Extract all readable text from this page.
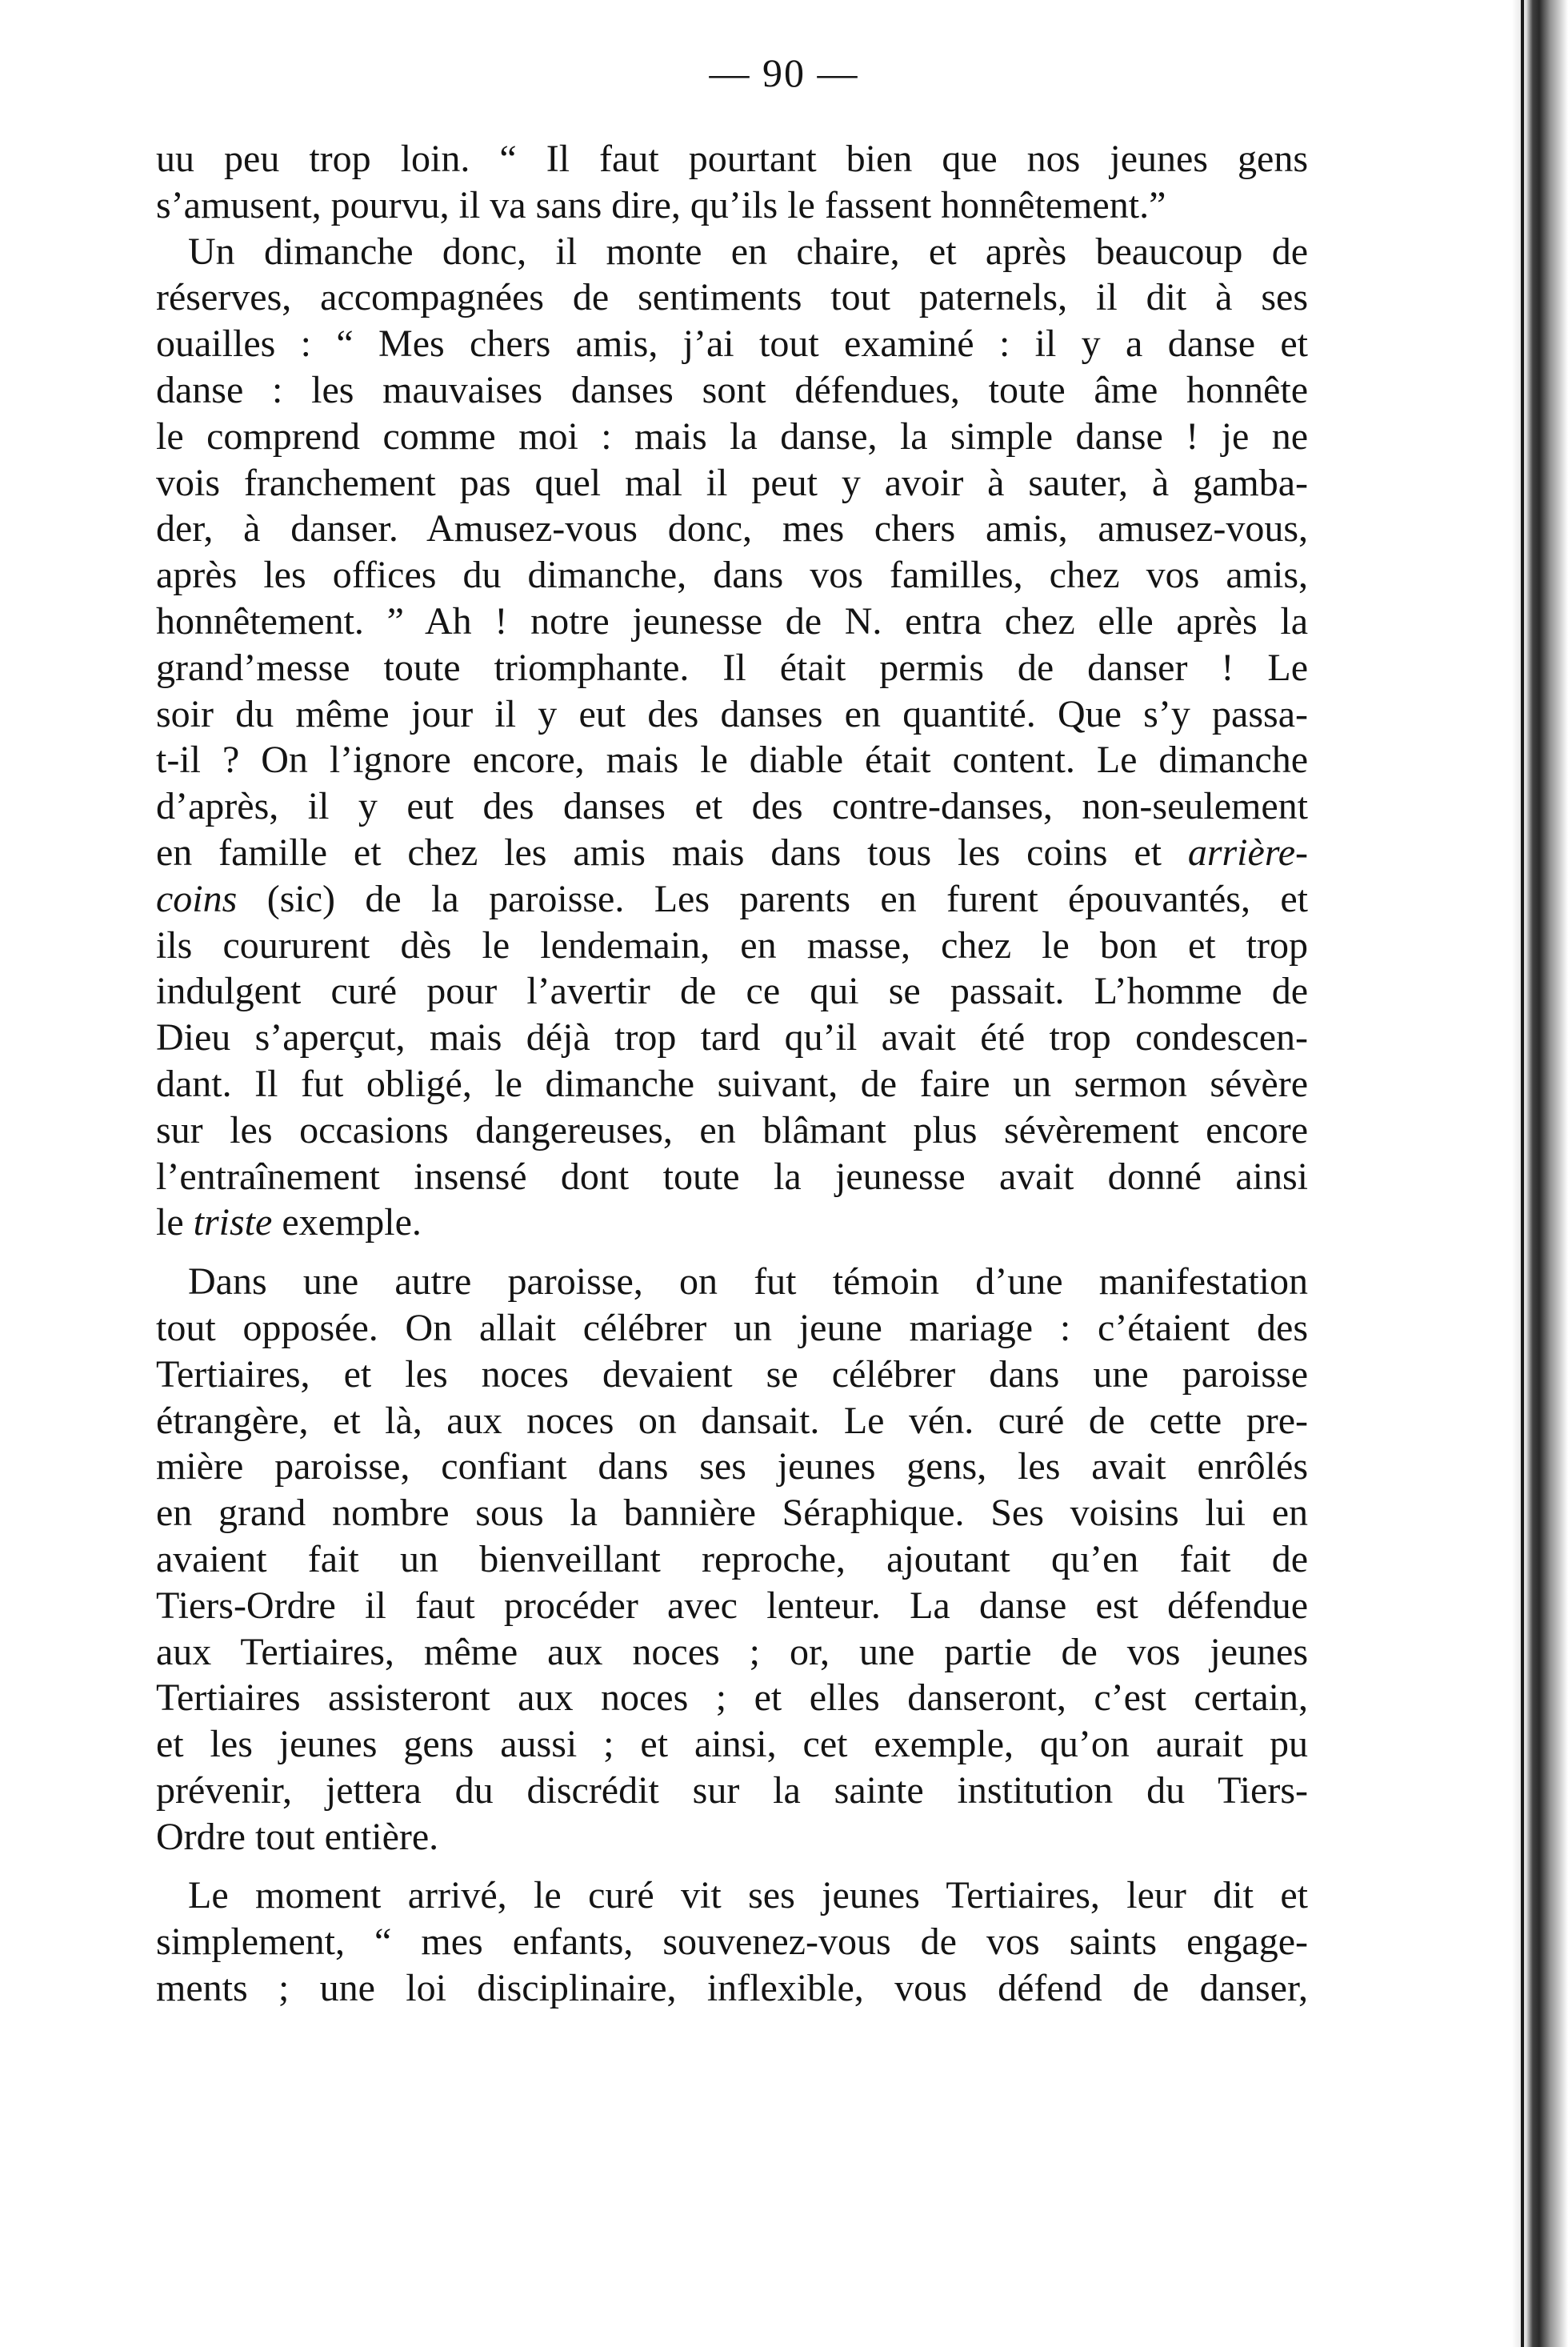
— 90 —
uu peu trop loin. “ Il faut pourtant bien que nos jeunes gens
s’amusent, pourvu, il va sans dire, qu’ils le fassent honnêtement.”
Un dimanche donc, il monte en chaire, et après beaucoup de
réserves, accompagnées de sentiments tout paternels, il dit à ses
ouailles : “ Mes chers amis, j’ai tout examiné : il y a danse et
danse : les mauvaises danses sont défendues, toute âme honnête
le comprend comme moi : mais la danse, la simple danse ! je ne
vois franchement pas quel mal il peut y avoir à sauter, à gamba-
der, à danser. Amusez-vous donc, mes chers amis, amusez-vous,
après les offices du dimanche, dans vos familles, chez vos amis,
honnêtement. ” Ah ! notre jeunesse de N. entra chez elle après la
grand’messe toute triomphante. Il était permis de danser ! Le
soir du même jour il y eut des danses en quantité. Que s’y passa-
t-il ? On l’ignore encore, mais le diable était content. Le dimanche
d’après, il y eut des danses et des contre-danses, non-seulement
en famille et chez les amis mais dans tous les coins et arrière-
coins (sic) de la paroisse. Les parents en furent épouvantés, et
ils coururent dès le lendemain, en masse, chez le bon et trop
indulgent curé pour l’avertir de ce qui se passait. L’homme de
Dieu s’aperçut, mais déjà trop tard qu’il avait été trop condescen-
dant. Il fut obligé, le dimanche suivant, de faire un sermon sévère
sur les occasions dangereuses, en blâmant plus sévèrement encore
l’entraînement insensé dont toute la jeunesse avait donné ainsi
le triste exemple.
Dans une autre paroisse, on fut témoin d’une manifestation
tout opposée. On allait célébrer un jeune mariage : c’étaient des
Tertiaires, et les noces devaient se célébrer dans une paroisse
étrangère, et là, aux noces on dansait. Le vén. curé de cette pre-
mière paroisse, confiant dans ses jeunes gens, les avait enrôlés
en grand nombre sous la bannière Séraphique. Ses voisins lui en
avaient fait un bienveillant reproche, ajoutant qu’en fait de
Tiers-Ordre il faut procéder avec lenteur. La danse est défendue
aux Tertiaires, même aux noces ; or, une partie de vos jeunes
Tertiaires assisteront aux noces ; et elles danseront, c’est certain,
et les jeunes gens aussi ; et ainsi, cet exemple, qu’on aurait pu
prévenir, jettera du discrédit sur la sainte institution du Tiers-
Ordre tout entière.
Le moment arrivé, le curé vit ses jeunes Tertiaires, leur dit et
simplement, “ mes enfants, souvenez-vous de vos saints engage-
ments ; une loi disciplinaire, inflexible, vous défend de danser,
